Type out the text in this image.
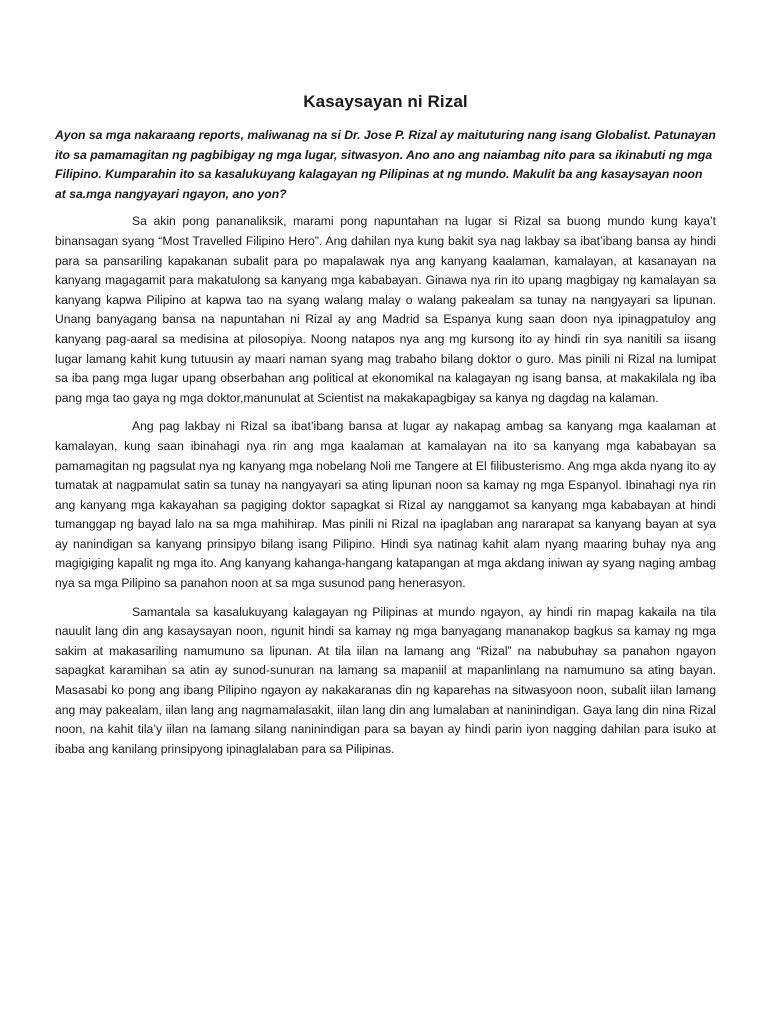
Kasaysayan ni Rizal

Ayon sa mga nakaraang reports, maliwanag na si Dr. Jose P. Rizal ay maituturing nang isang Globalist. Patunayan ito sa pamamagitan ng pagbibigay ng mga lugar, sitwasyon. Ano ano ang naiambag nito para sa ikinabuti ng mga Filipino. Kumparahin ito sa kasalukuyang kalagayan ng Pilipinas at ng mundo. Makulit ba ang kasaysayan noon at sa.mga nangyayari ngayon, ano yon?

Sa akin pong pananaliksik, marami pong napuntahan na lugar si Rizal sa buong mundo kung kaya’t binansagan syang “Most Travelled Filipino Hero”. Ang dahilan nya kung bakit sya nag lakbay sa ibat’ibang bansa ay hindi para sa pansariling kapakanan subalit para po mapalawak nya ang kanyang kaalaman, kamalayan, at kasanayan na kanyang magagamit para makatulong sa kanyang mga kababayan. Ginawa nya rin ito upang magbigay ng kamalayan sa kanyang kapwa Pilipino at kapwa tao na syang walang malay o walang pakealam sa tunay na nangyayari sa lipunan. Unang banyagang bansa na napuntahan ni Rizal ay ang Madrid sa Espanya kung saan doon nya ipinagpatuloy ang kanyang pag-aaral sa medisina at pilosopiya. Noong natapos nya ang mg kursong ito ay hindi rin sya nanitili sa iisang lugar lamang kahit kung tutuusin ay maari naman syang mag trabaho bilang doktor o guro. Mas pinili ni Rizal na lumipat sa iba pang mga lugar upang obserbahan ang political at ekonomikal na kalagayan ng isang bansa, at makakilala ng iba pang mga tao gaya ng mga doktor,manunulat at Scientist na makakapagbigay sa kanya ng dagdag na kalaman.

Ang pag lakbay ni Rizal sa ibat’ibang bansa at lugar ay nakapag ambag sa kanyang mga kaalaman at kamalayan, kung saan ibinahagi nya rin ang mga kaalaman at kamalayan na ito sa kanyang mga kababayan sa pamamagitan ng pagsulat nya ng kanyang mga nobelang Noli me Tangere at El filibusterismo. Ang mga akda nyang ito ay tumatak at nagpamulat satin sa tunay na nangyayari sa ating lipunan noon sa kamay ng mga Espanyol. Ibinahagi nya rin ang kanyang mga kakayahan sa pagiging doktor sapagkat si Rizal ay nanggamot sa kanyang mga kababayan at hindi tumanggap ng bayad lalo na sa mga mahihirap. Mas pinili ni Rizal na ipaglaban ang nararapat sa kanyang bayan at sya ay nanindigan sa kanyang prinsipyo bilang isang Pilipino. Hindi sya natinag kahit alam nyang maaring buhay nya ang magigiging kapalit ng mga ito. Ang kanyang kahanga-hangang katapangan at mga akdang iniwan ay syang naging ambag nya sa mga Pilipino sa panahon noon at sa mga susunod pang henerasyon.

Samantala sa kasalukuyang kalagayan ng Pilipinas at mundo ngayon, ay hindi rin mapag kakaila na tila nauulit lang din ang kasaysayan noon, ngunit hindi sa kamay ng mga banyagang mananakop bagkus sa kamay ng mga sakim at makasariling namumuno sa lipunan. At tila iilan na lamang ang “Rizal” na nabubuhay sa panahon ngayon sapagkat karamihan sa atin ay sunod-sunuran na lamang sa mapaniil at mapanlinlang na namumuno sa ating bayan. Masasabi ko pong ang ibang Pilipino ngayon ay nakakaranas din ng kaparehas na sitwasyoon noon, subalit iilan lamang ang may pakealam, iilan lang ang nagmamalasakit, iilan lang din ang lumalaban at naninindigan. Gaya lang din nina Rizal noon, na kahit tila’y iilan na lamang silang naninindigan para sa bayan ay hindi parin iyon nagging dahilan para isuko at ibaba ang kanilang prinsipyong ipinaglalaban para sa Pilipinas.
